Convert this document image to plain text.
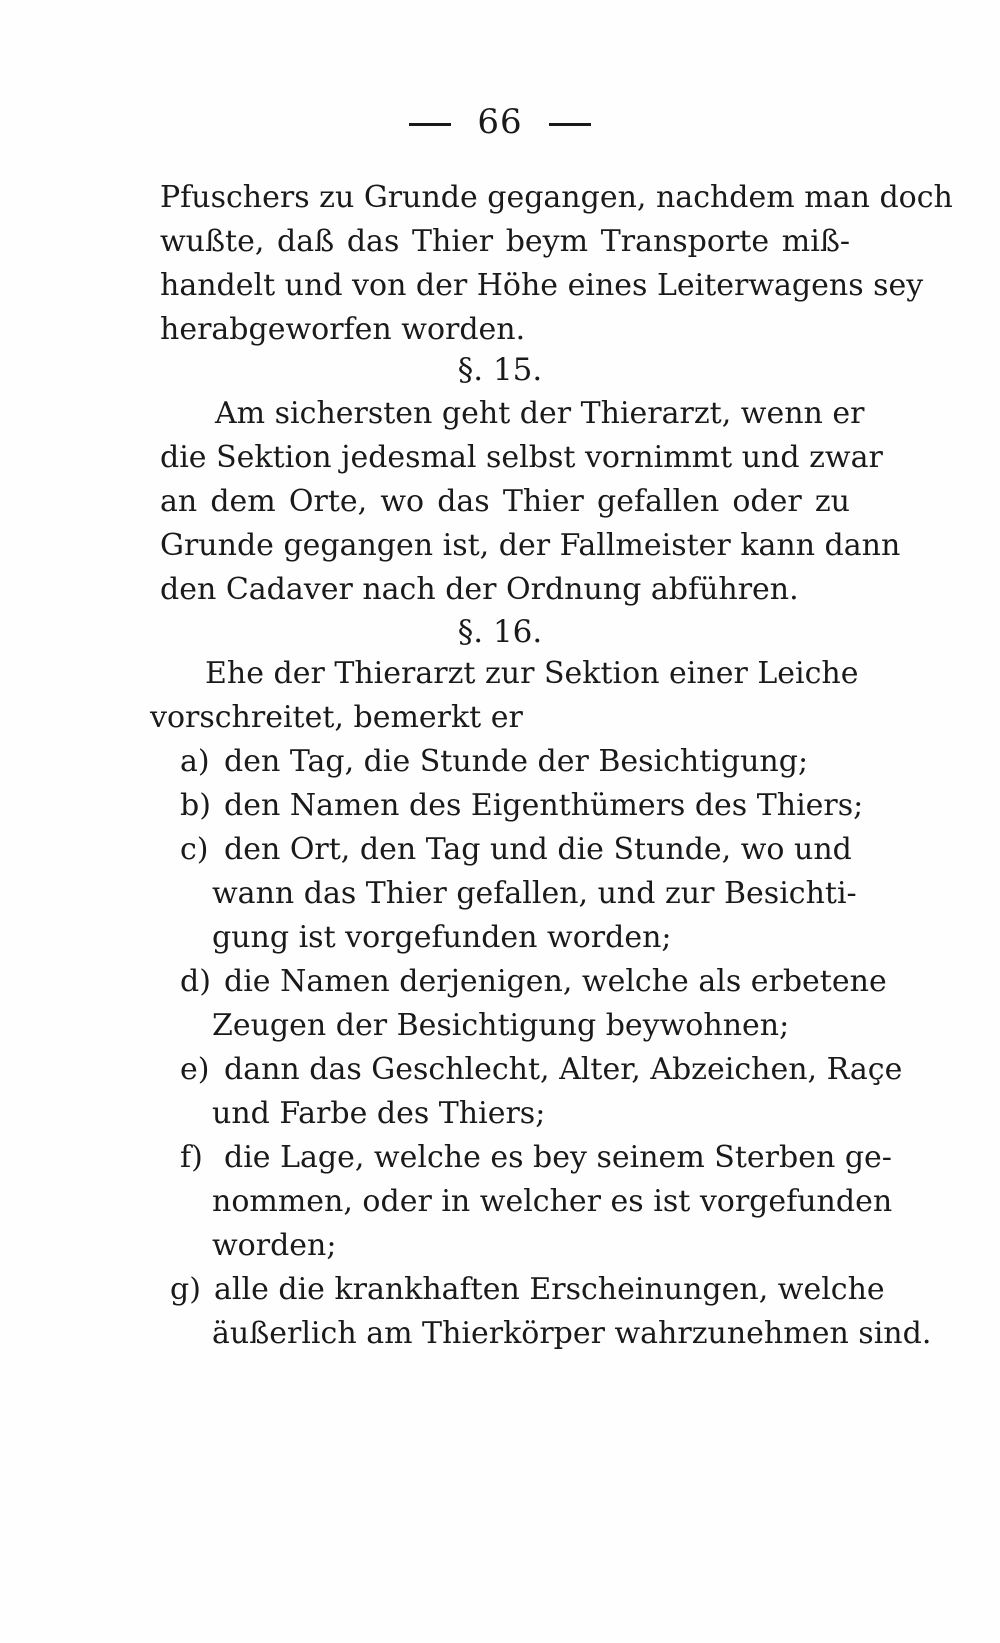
66
Pfuschers zu Grunde gegangen, nachdem man doch
wußte, daß das Thier beym Transporte miß-
handelt und von der Höhe eines Leiterwagens sey
herabgeworfen worden.
§. 15.
Am sichersten geht der Thierarzt, wenn er
die Sektion jedesmal selbst vornimmt und zwar
an dem Orte, wo das Thier gefallen oder zu
Grunde gegangen ist, der Fallmeister kann dann
den Cadaver nach der Ordnung abführen.
§. 16.
Ehe der Thierarzt zur Sektion einer Leiche
vorschreitet, bemerkt er
a) den Tag, die Stunde der Besichtigung;
b) den Namen des Eigenthümers des Thiers;
c) den Ort, den Tag und die Stunde, wo und
wann das Thier gefallen, und zur Besichti-
gung ist vorgefunden worden;
d) die Namen derjenigen, welche als erbetene
Zeugen der Besichtigung beywohnen;
e) dann das Geschlecht, Alter, Abzeichen, Raçe
und Farbe des Thiers;
f) die Lage, welche es bey seinem Sterben ge-
nommen, oder in welcher es ist vorgefunden
worden;
g) alle die krankhaften Erscheinungen, welche
äußerlich am Thierkörper wahrzunehmen sind.
